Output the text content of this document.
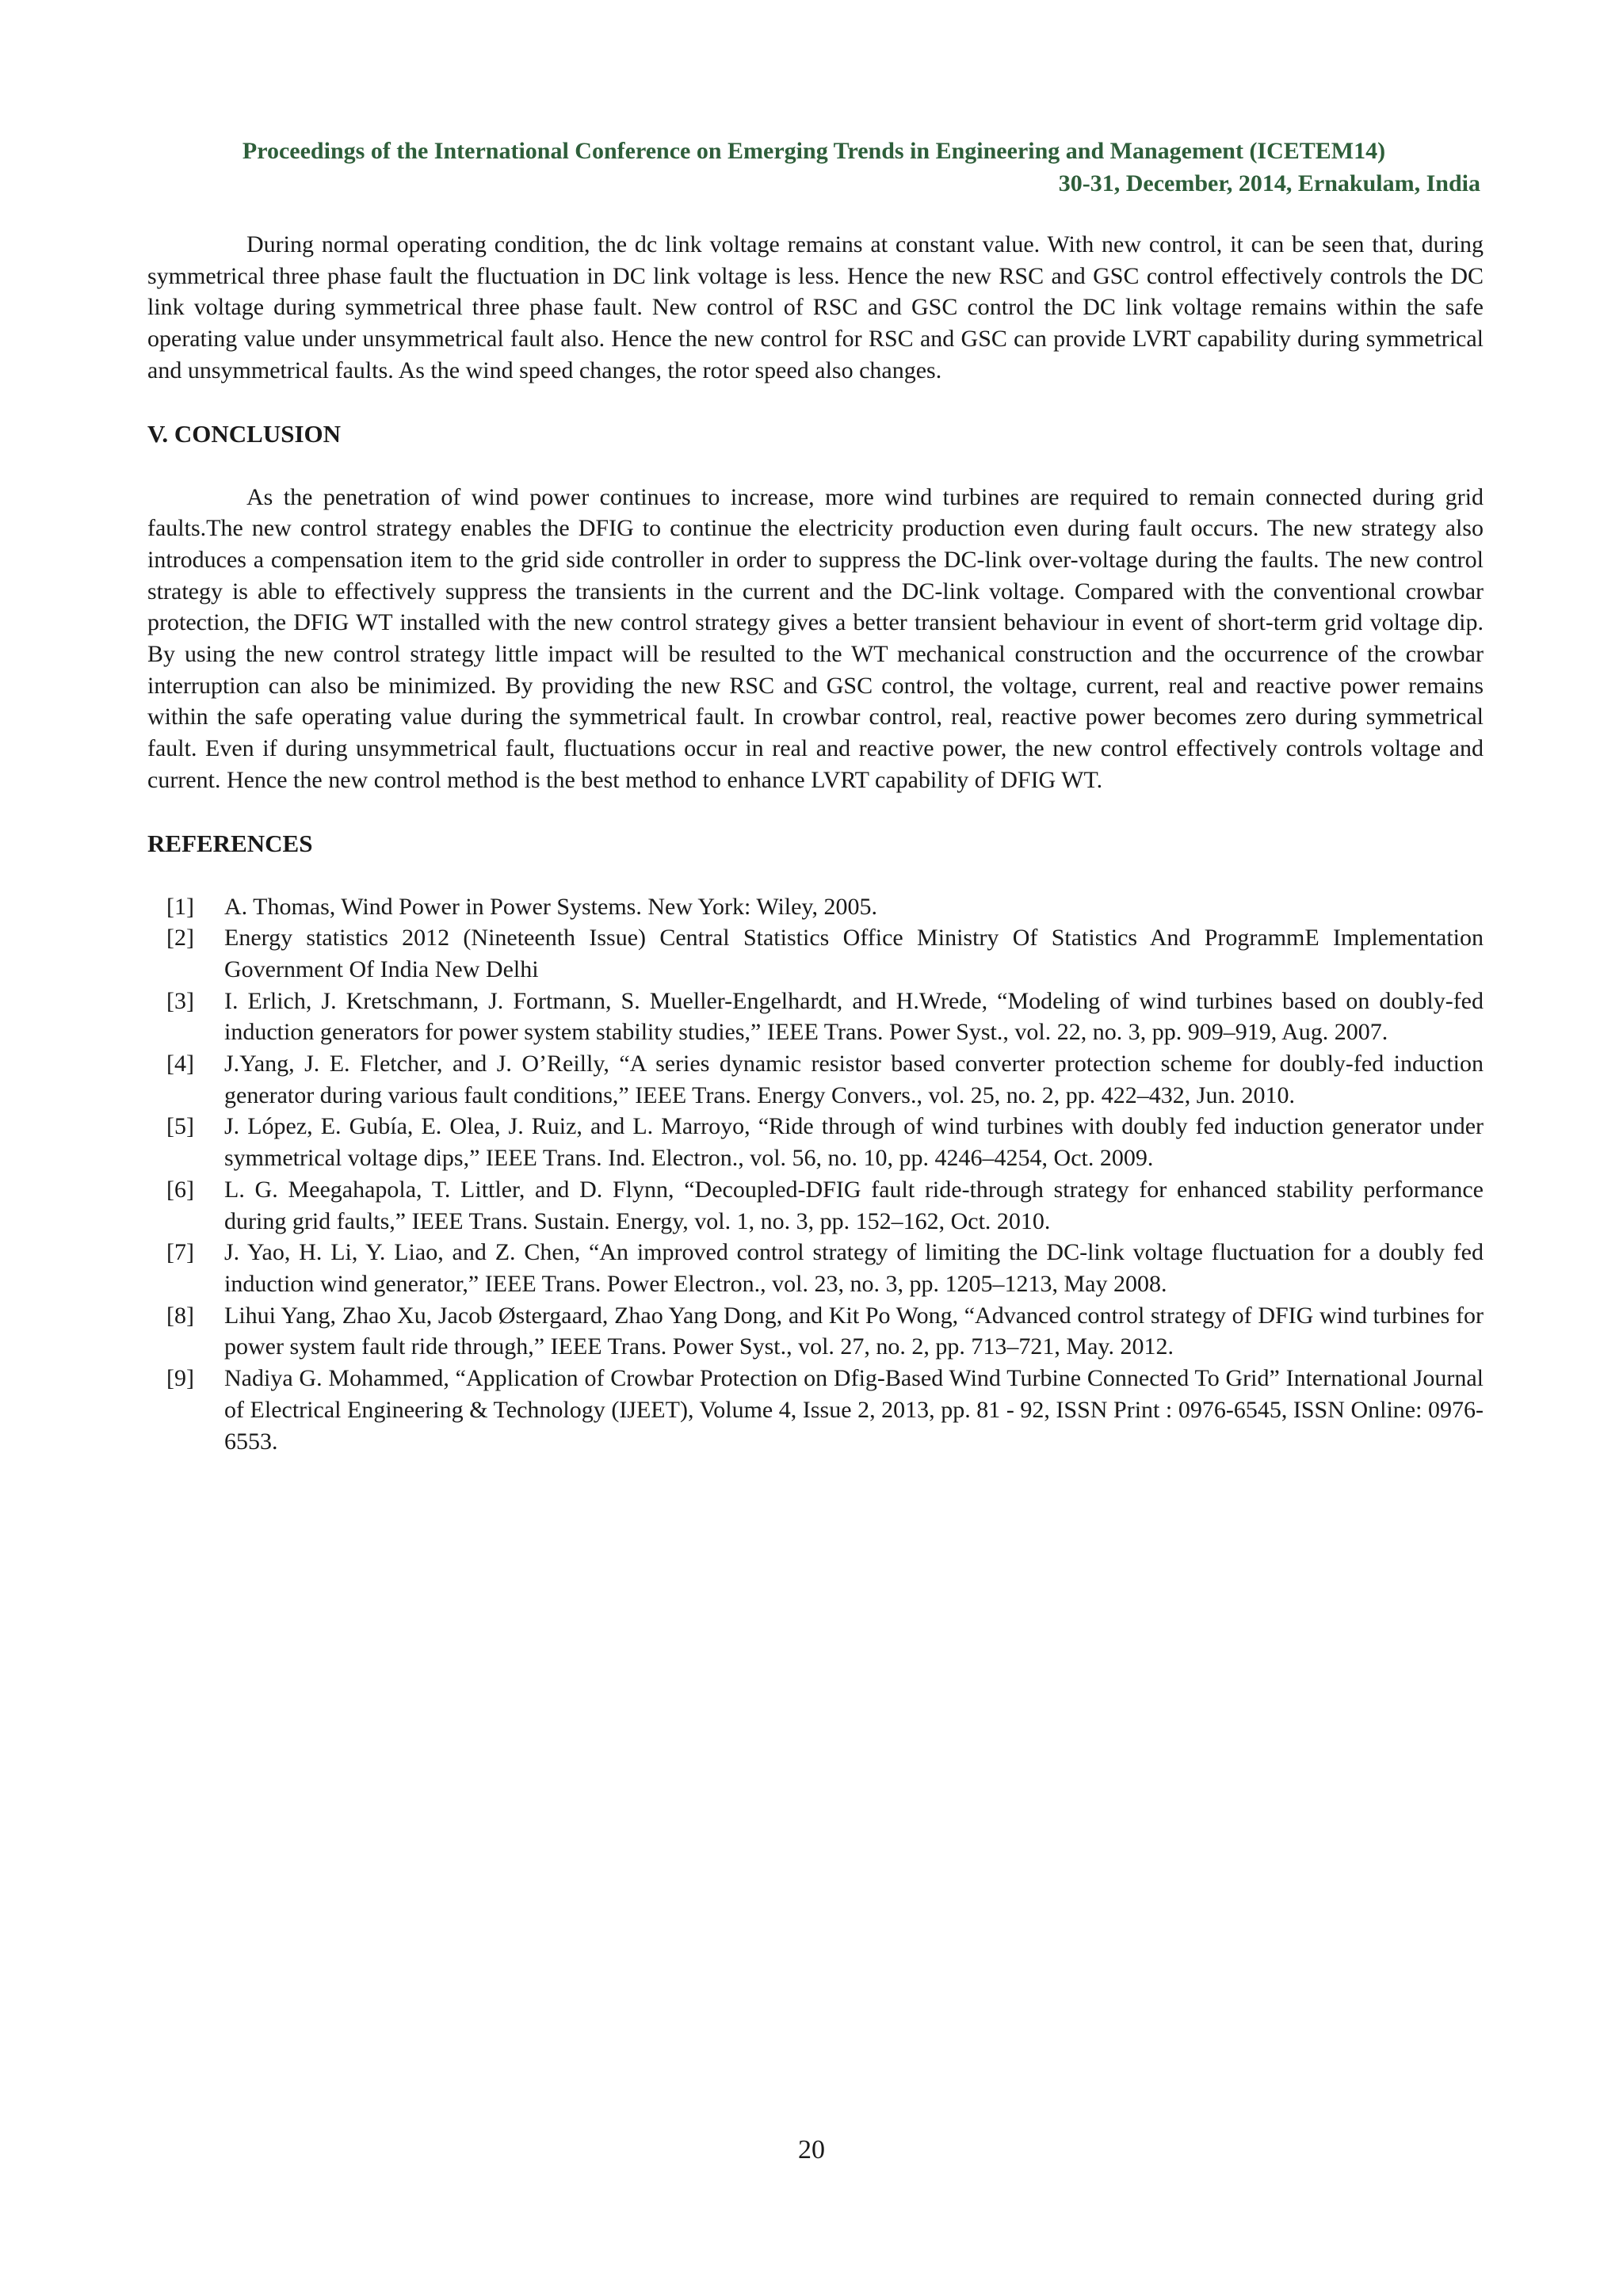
Proceedings of the International Conference on Emerging Trends in Engineering and Management (ICETEM14)
30-31, December, 2014, Ernakulam, India

During normal operating condition, the dc link voltage remains at constant value. With new control, it can be seen that, during symmetrical three phase fault the fluctuation in DC link voltage is less. Hence the new RSC and GSC control effectively controls the DC link voltage during symmetrical three phase fault. New control of RSC and GSC control the DC link voltage remains within the safe operating value under unsymmetrical fault also. Hence the new control for RSC and GSC can provide LVRT capability during symmetrical and unsymmetrical faults. As the wind speed changes, the rotor speed also changes.

V. CONCLUSION

As the penetration of wind power continues to increase, more wind turbines are required to remain connected during grid faults.The new control strategy enables the DFIG to continue the electricity production even during fault occurs. The new strategy also introduces a compensation item to the grid side controller in order to suppress the DC-link over-voltage during the faults. The new control strategy is able to effectively suppress the transients in the current and the DC-link voltage. Compared with the conventional crowbar protection, the DFIG WT installed with the new control strategy gives a better transient behaviour in event of short-term grid voltage dip. By using the new control strategy little impact will be resulted to the WT mechanical construction and the occurrence of the crowbar interruption can also be minimized. By providing the new RSC and GSC control, the voltage, current, real and reactive power remains within the safe operating value during the symmetrical fault. In crowbar control, real, reactive power becomes zero during symmetrical fault. Even if during unsymmetrical fault, fluctuations occur in real and reactive power, the new control effectively controls voltage and current. Hence the new control method is the best method to enhance LVRT capability of DFIG WT.

REFERENCES
[1] A. Thomas, Wind Power in Power Systems. New York: Wiley, 2005.
[2] Energy statistics 2012 (Nineteenth Issue) Central Statistics Office Ministry Of Statistics And ProgrammE Implementation Government Of India New Delhi
[3] I. Erlich, J. Kretschmann, J. Fortmann, S. Mueller-Engelhardt, and H.Wrede, “Modeling of wind turbines based on doubly-fed induction generators for power system stability studies,” IEEE Trans. Power Syst., vol. 22, no. 3, pp. 909–919, Aug. 2007.
[4] J.Yang, J. E. Fletcher, and J. O’Reilly, “A series dynamic resistor based converter protection scheme for doubly-fed induction generator during various fault conditions,” IEEE Trans. Energy Convers., vol. 25, no. 2, pp. 422–432, Jun. 2010.
[5] J. López, E. Gubía, E. Olea, J. Ruiz, and L. Marroyo, “Ride through of wind turbines with doubly fed induction generator under symmetrical voltage dips,” IEEE Trans. Ind. Electron., vol. 56, no. 10, pp. 4246–4254, Oct. 2009.
[6] L. G. Meegahapola, T. Littler, and D. Flynn, “Decoupled-DFIG fault ride-through strategy for enhanced stability performance during grid faults,” IEEE Trans. Sustain. Energy, vol. 1, no. 3, pp. 152–162, Oct. 2010.
[7] J. Yao, H. Li, Y. Liao, and Z. Chen, “An improved control strategy of limiting the DC-link voltage fluctuation for a doubly fed induction wind generator,” IEEE Trans. Power Electron., vol. 23, no. 3, pp. 1205–1213, May 2008.
[8] Lihui Yang, Zhao Xu, Jacob Østergaard, Zhao Yang Dong, and Kit Po Wong, “Advanced control strategy of DFIG wind turbines for power system fault ride through,” IEEE Trans. Power Syst., vol. 27, no. 2, pp. 713–721, May. 2012.
[9] Nadiya G. Mohammed, “Application of Crowbar Protection on Dfig-Based Wind Turbine Connected To Grid” International Journal of Electrical Engineering & Technology (IJEET), Volume 4, Issue 2, 2013, pp. 81 - 92, ISSN Print : 0976-6545, ISSN Online: 0976-6553.
20
